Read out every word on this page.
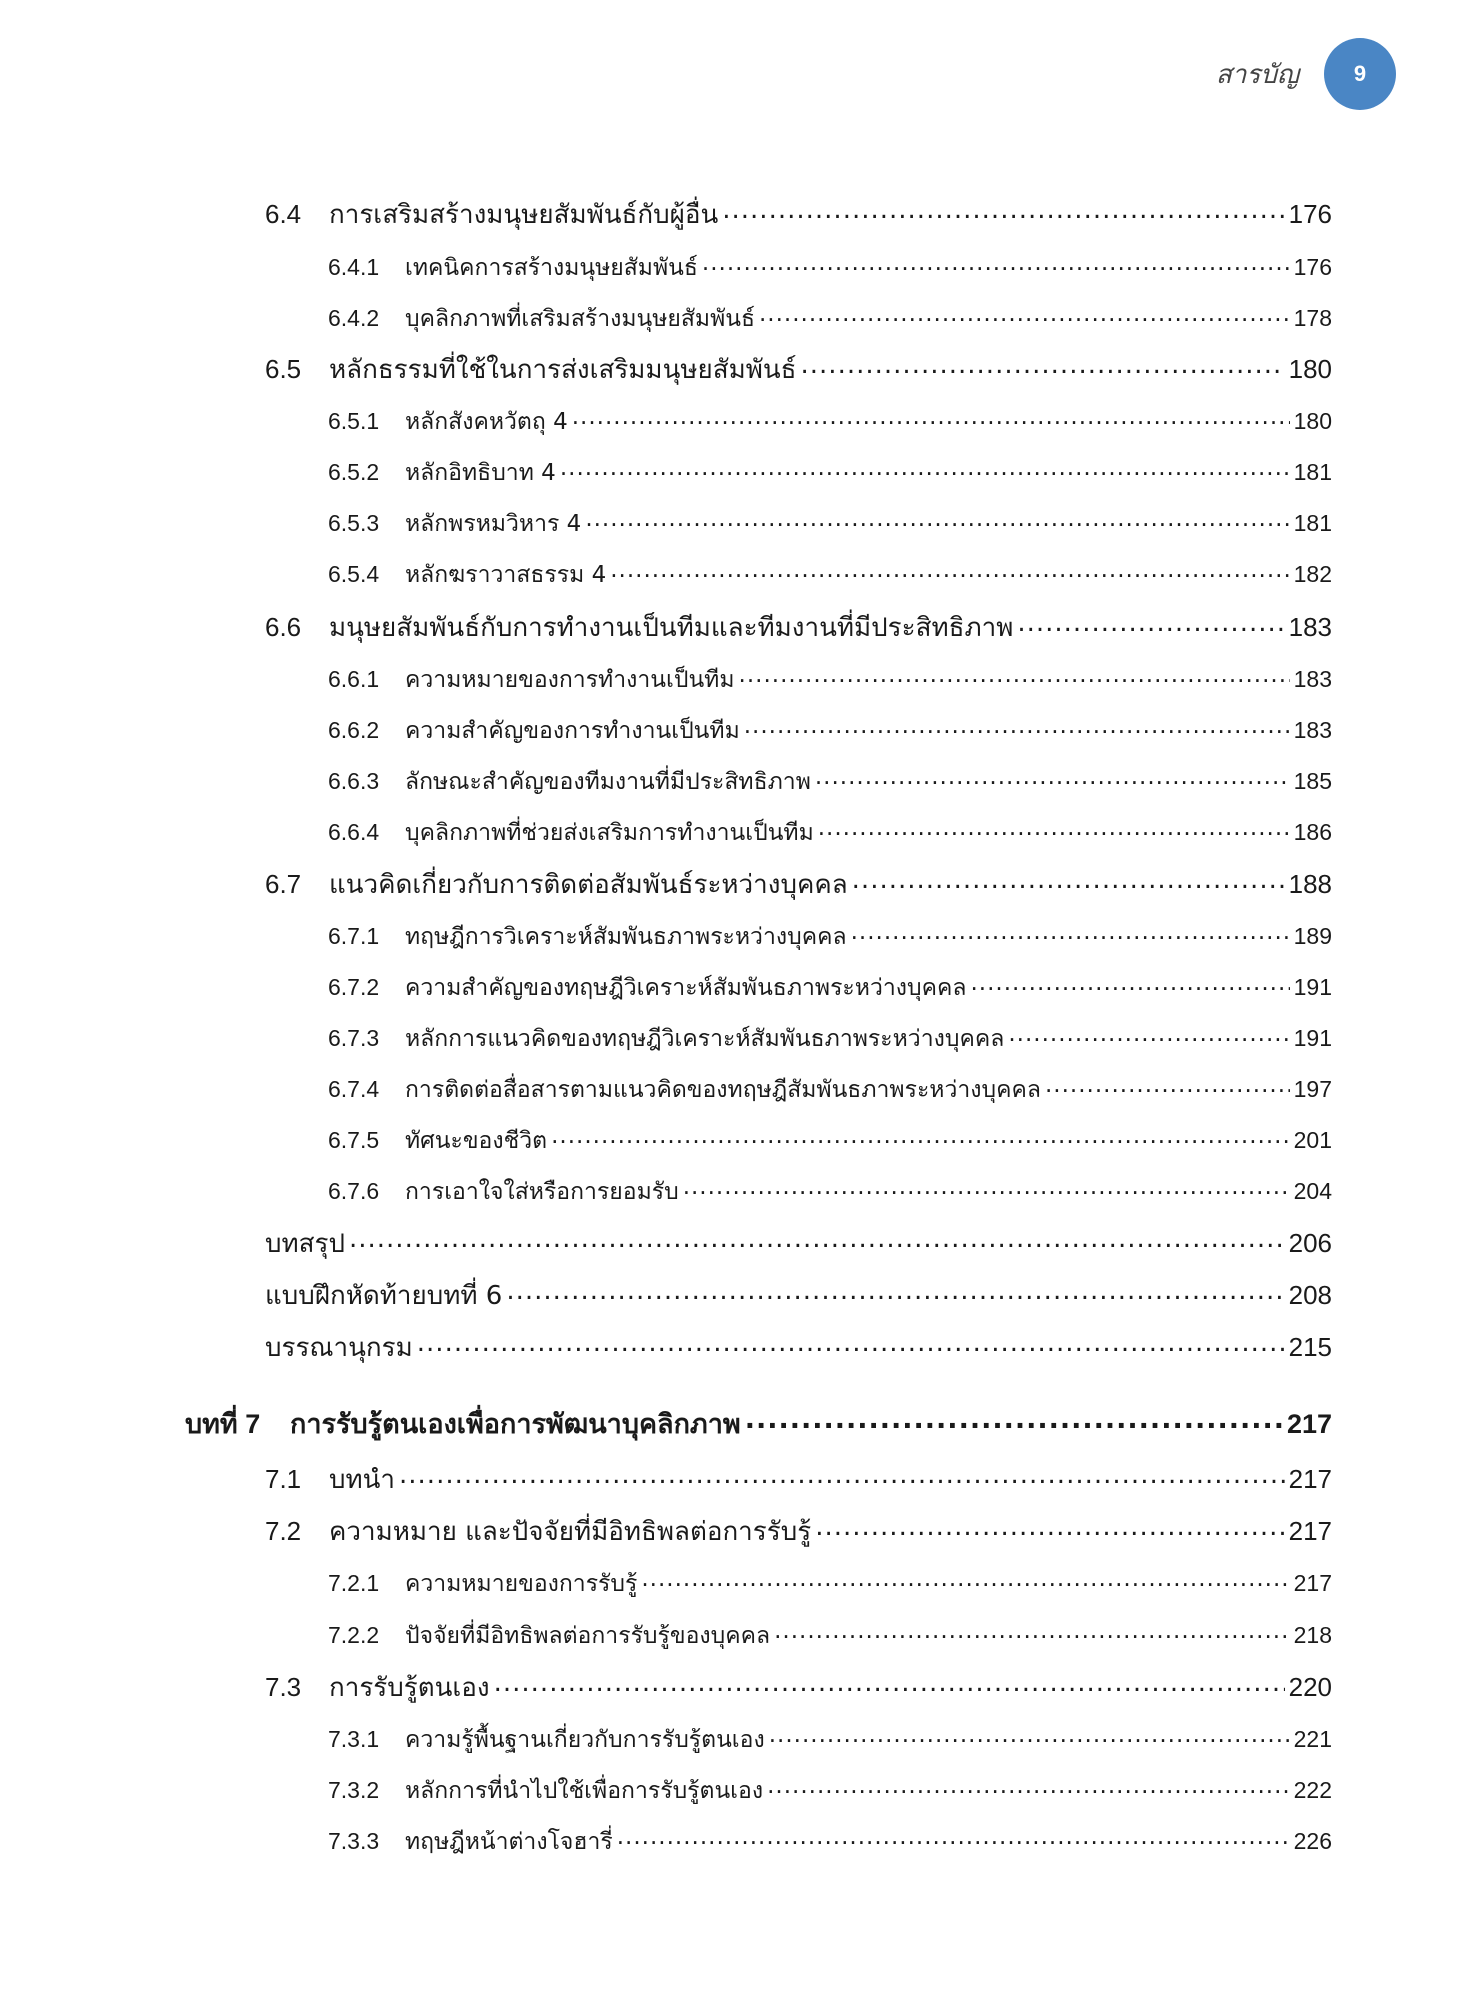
สารบัญ	9
6.4	การเสริมสร้างมนุษยสัมพันธ์กับผู้อื่น .....	176
6.4.1	เทคนิคการสร้างมนุษยสัมพันธ์ .....	176
6.4.2	บุคลิกภาพที่เสริมสร้างมนุษยสัมพันธ์ .....	178
6.5	หลักธรรมที่ใช้ในการส่งเสริมมนุษยสัมพันธ์ .....	180
6.5.1	หลักสังคหวัตถุ 4 .....	180
6.5.2	หลักอิทธิบาท 4 .....	181
6.5.3	หลักพรหมวิหาร 4 .....	181
6.5.4	หลักฆราวาสธรรม 4 .....	182
6.6	มนุษยสัมพันธ์กับการทำงานเป็นทีมและทีมงานที่มีประสิทธิภาพ .....	183
6.6.1	ความหมายของการทำงานเป็นทีม .....	183
6.6.2	ความสำคัญของการทำงานเป็นทีม .....	183
6.6.3	ลักษณะสำคัญของทีมงานที่มีประสิทธิภาพ .....	185
6.6.4	บุคลิกภาพที่ช่วยส่งเสริมการทำงานเป็นทีม .....	186
6.7	แนวคิดเกี่ยวกับการติดต่อสัมพันธ์ระหว่างบุคคล .....	188
6.7.1	ทฤษฎีการวิเคราะห์สัมพันธภาพระหว่างบุคคล .....	189
6.7.2	ความสำคัญของทฤษฎีวิเคราะห์สัมพันธภาพระหว่างบุคคล .....	191
6.7.3	หลักการแนวคิดของทฤษฎีวิเคราะห์สัมพันธภาพระหว่างบุคคล .....	191
6.7.4	การติดต่อสื่อสารตามแนวคิดของทฤษฎีสัมพันธภาพระหว่างบุคคล .....	197
6.7.5	ทัศนะของชีวิต .....	201
6.7.6	การเอาใจใส่หรือการยอมรับ .....	204
บทสรุป .....	206
แบบฝึกหัดท้ายบทที่ 6 .....	208
บรรณานุกรม .....	215
บทที่ 7	การรับรู้ตนเองเพื่อการพัฒนาบุคลิกภาพ .....	217
7.1	บทนำ .....	217
7.2	ความหมาย และปัจจัยที่มีอิทธิพลต่อการรับรู้ .....	217
7.2.1	ความหมายของการรับรู้ .....	217
7.2.2	ปัจจัยที่มีอิทธิพลต่อการรับรู้ของบุคคล .....	218
7.3	การรับรู้ตนเอง .....	220
7.3.1	ความรู้พื้นฐานเกี่ยวกับการรับรู้ตนเอง .....	221
7.3.2	หลักการที่นำไปใช้เพื่อการรับรู้ตนเอง .....	222
7.3.3	ทฤษฎีหน้าต่างโจฮารี่ .....	226
